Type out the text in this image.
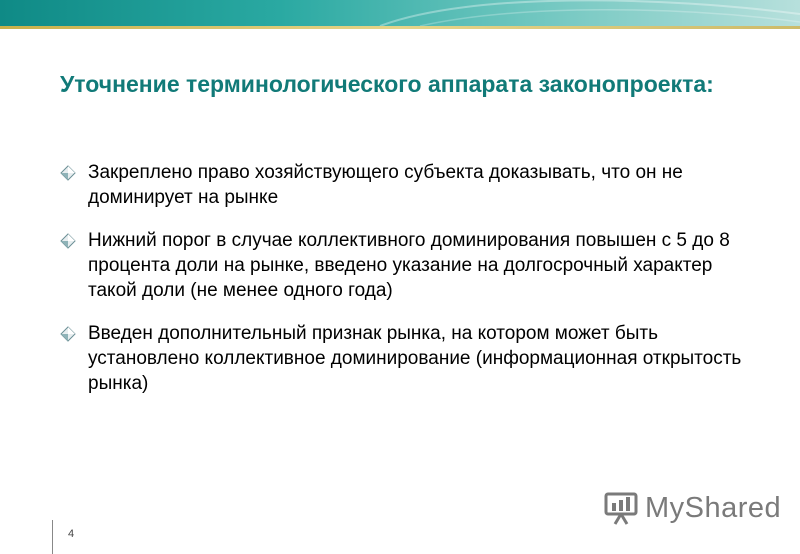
Уточнение терминологического аппарата законопроекта:
Закреплено право хозяйствующего субъекта доказывать, что он не доминирует на рынке
Нижний порог в случае коллективного доминирования повышен с 5 до 8 процента доли на рынке, введено указание на долгосрочный характер такой доли (не менее одного года)
Введен дополнительный признак рынка, на котором может быть установлено коллективное доминирование (информационная открытость рынка)
4
MyShared
